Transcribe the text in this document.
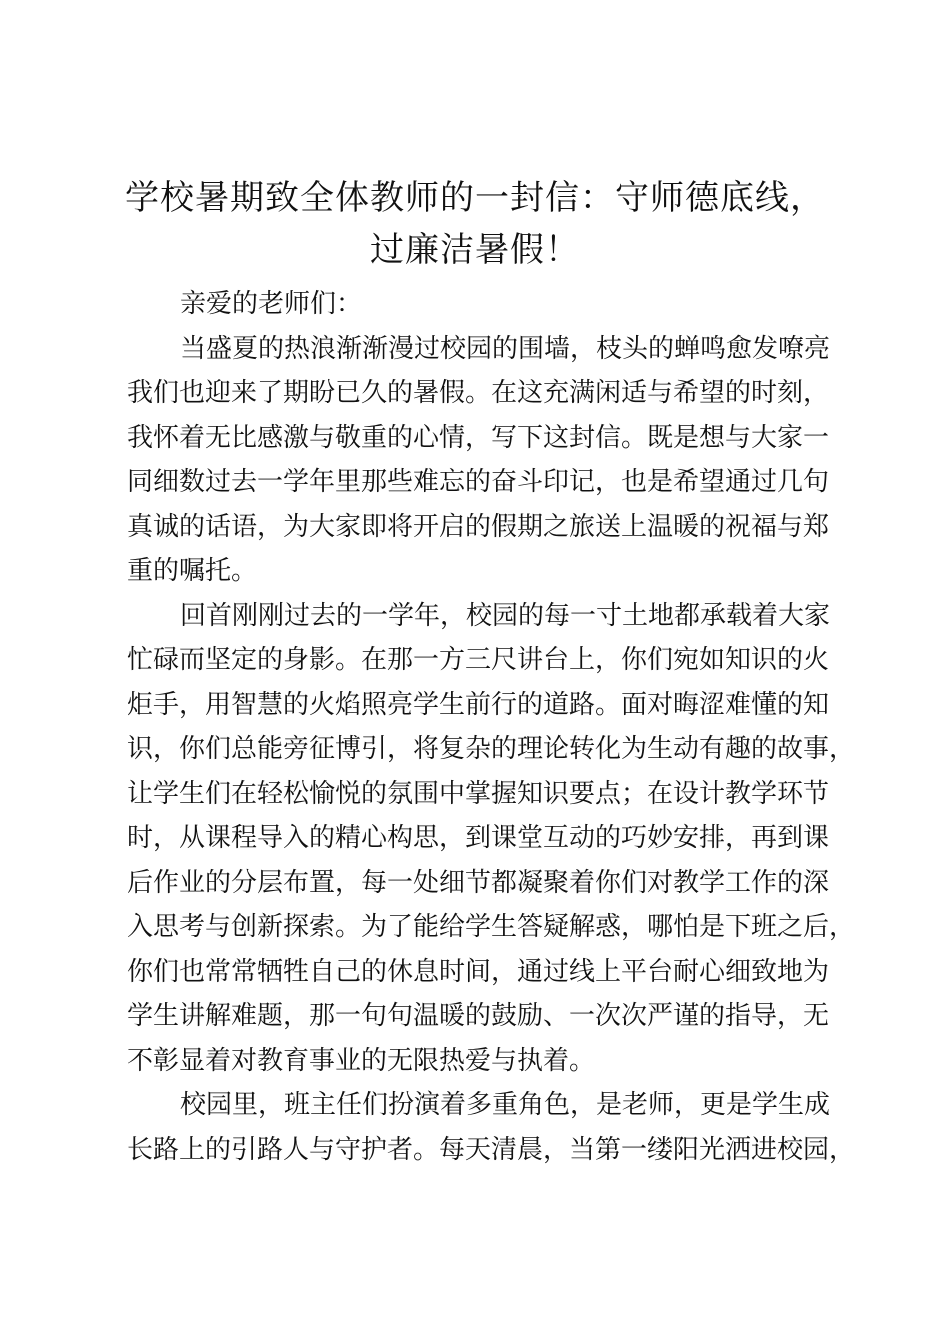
学校暑期致全体教师的一封信：守师德底线，
过廉洁暑假！
亲爱的老师们：
当盛夏的热浪渐渐漫过校园的围墙，枝头的蝉鸣愈发嘹亮
我们也迎来了期盼已久的暑假。在这充满闲适与希望的时刻，
我怀着无比感激与敬重的心情，写下这封信。既是想与大家一
同细数过去一学年里那些难忘的奋斗印记，也是希望通过几句
真诚的话语，为大家即将开启的假期之旅送上温暖的祝福与郑
重的嘱托。
回首刚刚过去的一学年，校园的每一寸土地都承载着大家
忙碌而坚定的身影。在那一方三尺讲台上，你们宛如知识的火
炬手，用智慧的火焰照亮学生前行的道路。面对晦涩难懂的知
识，你们总能旁征博引，将复杂的理论转化为生动有趣的故事，
让学生们在轻松愉悦的氛围中掌握知识要点；在设计教学环节
时，从课程导入的精心构思，到课堂互动的巧妙安排，再到课
后作业的分层布置，每一处细节都凝聚着你们对教学工作的深
入思考与创新探索。为了能给学生答疑解惑，哪怕是下班之后，
你们也常常牺牲自己的休息时间，通过线上平台耐心细致地为
学生讲解难题，那一句句温暖的鼓励、一次次严谨的指导，无
不彰显着对教育事业的无限热爱与执着。
校园里，班主任们扮演着多重角色，是老师，更是学生成
长路上的引路人与守护者。每天清晨，当第一缕阳光洒进校园，
